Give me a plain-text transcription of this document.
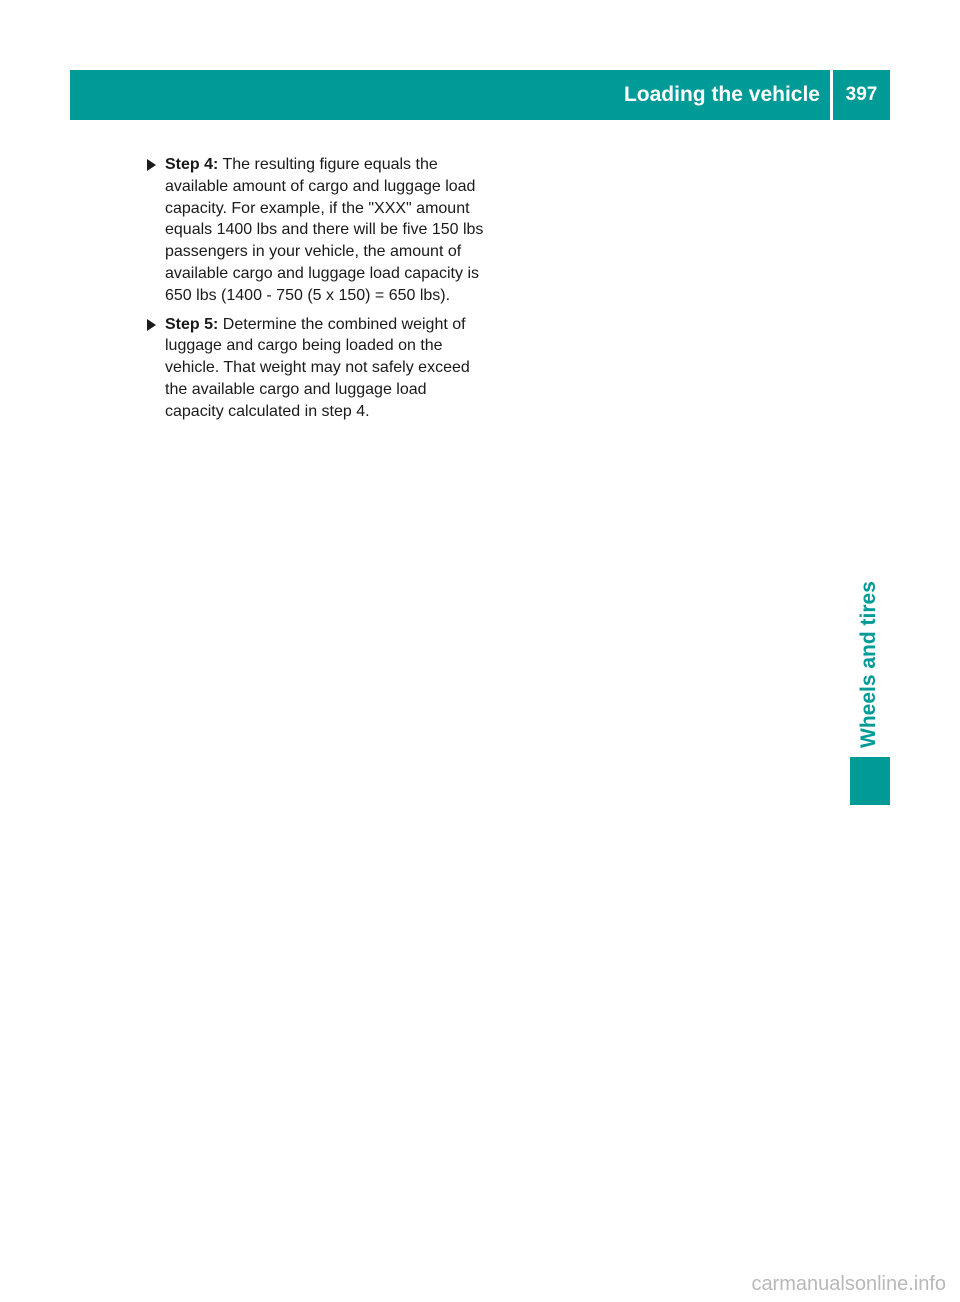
Loading the vehicle	397

Step 4: The resulting figure equals the available amount of cargo and luggage load capacity. For example, if the "XXX" amount equals 1400 lbs and there will be five 150 lbs passengers in your vehicle, the amount of available cargo and luggage load capacity is 650 lbs (1400 - 750 (5 x 150) = 650 lbs).

Step 5: Determine the combined weight of luggage and cargo being loaded on the vehicle. That weight may not safely exceed the available cargo and luggage load capacity calculated in step 4.

Wheels and tires
carmanualsonline.info
